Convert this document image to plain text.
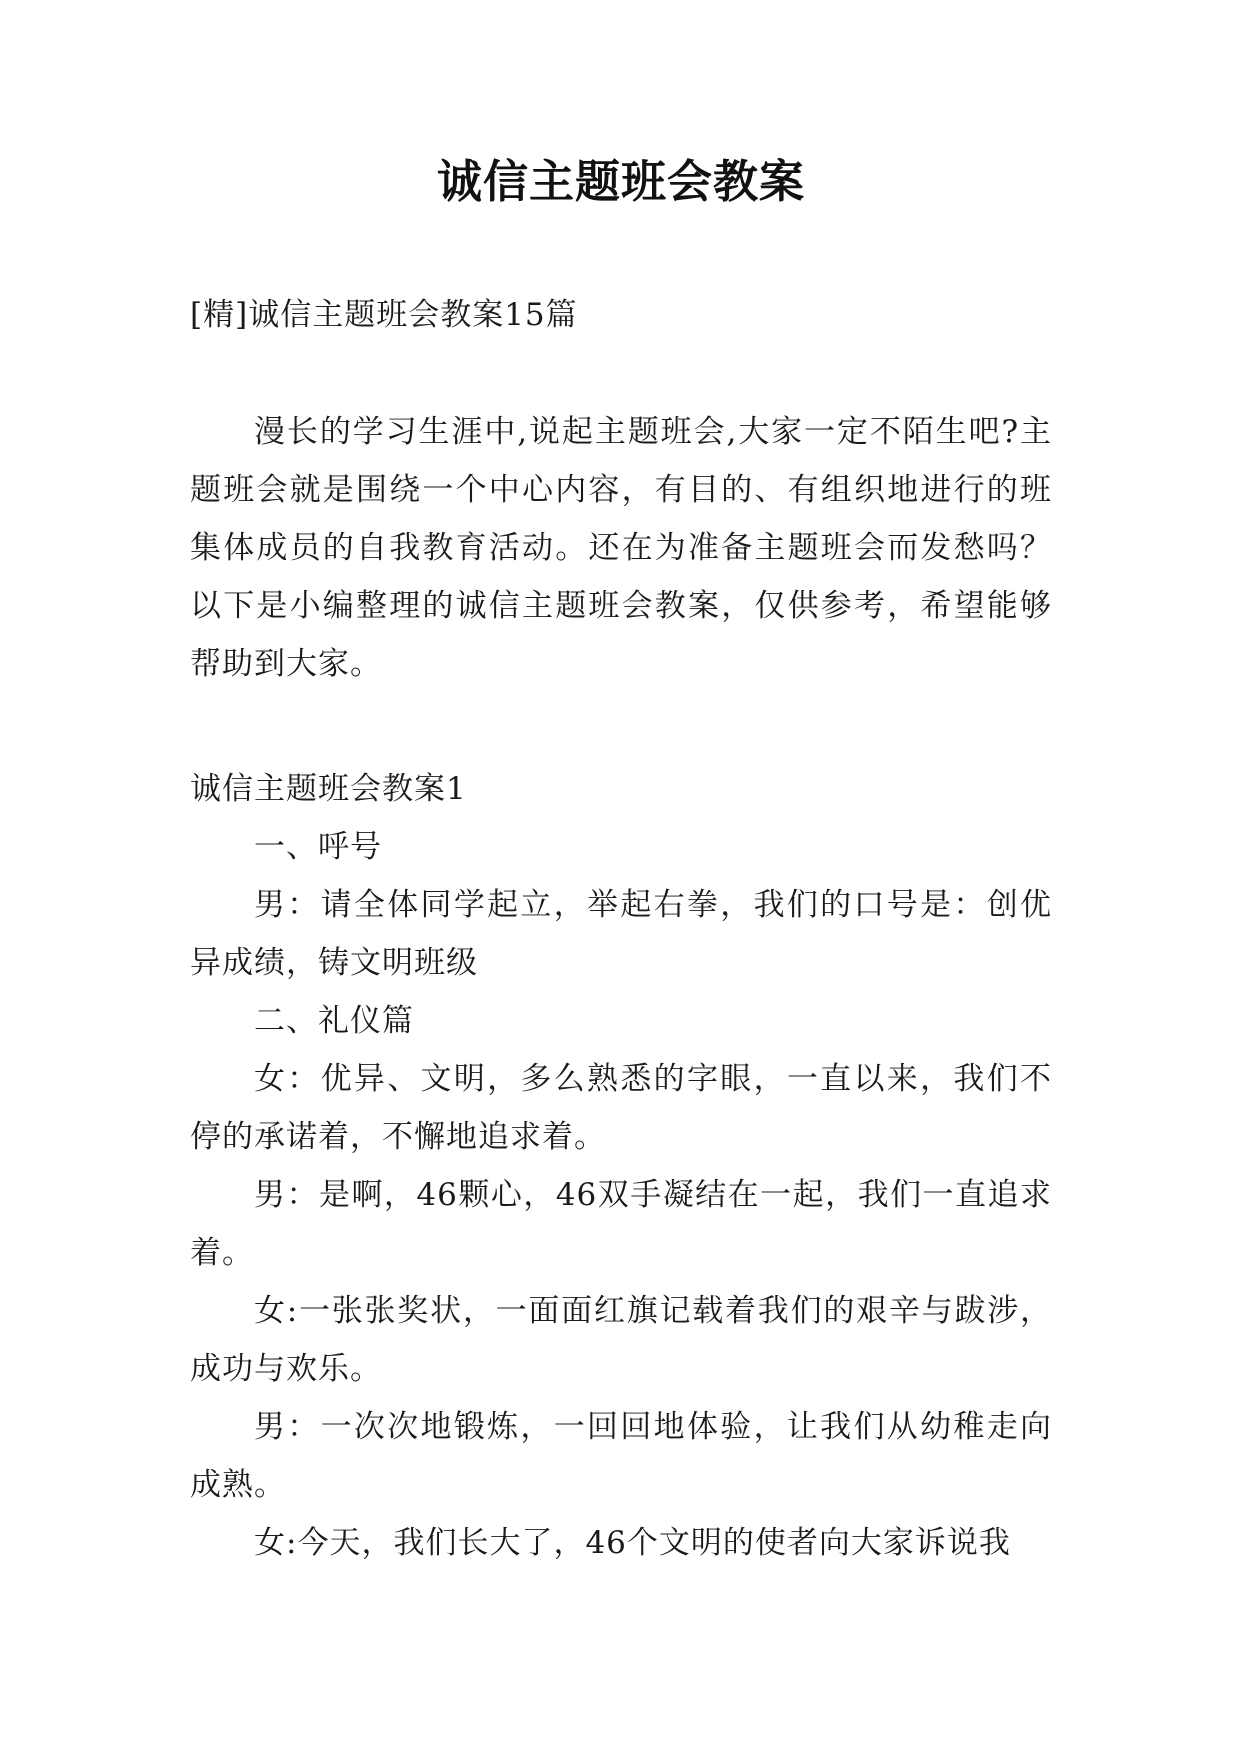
诚信主题班会教案
[精]诚信主题班会教案15篇

漫长的学习生涯中,说起主题班会,大家一定不陌生吧?主题班会就是围绕一个中心内容，有目的、有组织地进行的班集体成员的自我教育活动。还在为准备主题班会而发愁吗？以下是小编整理的诚信主题班会教案，仅供参考，希望能够帮助到大家。

诚信主题班会教案1

一、呼号

男：请全体同学起立，举起右拳，我们的口号是：创优异成绩，铸文明班级

二、礼仪篇

女：优异、文明，多么熟悉的字眼，一直以来，我们不停的承诺着，不懈地追求着。

男：是啊，46颗心，46双手凝结在一起，我们一直追求着。

女:一张张奖状，一面面红旗记载着我们的艰辛与跋涉，成功与欢乐。

男：一次次地锻炼，一回回地体验，让我们从幼稚走向成熟。

女:今天，我们长大了，46个文明的使者向大家诉说我
